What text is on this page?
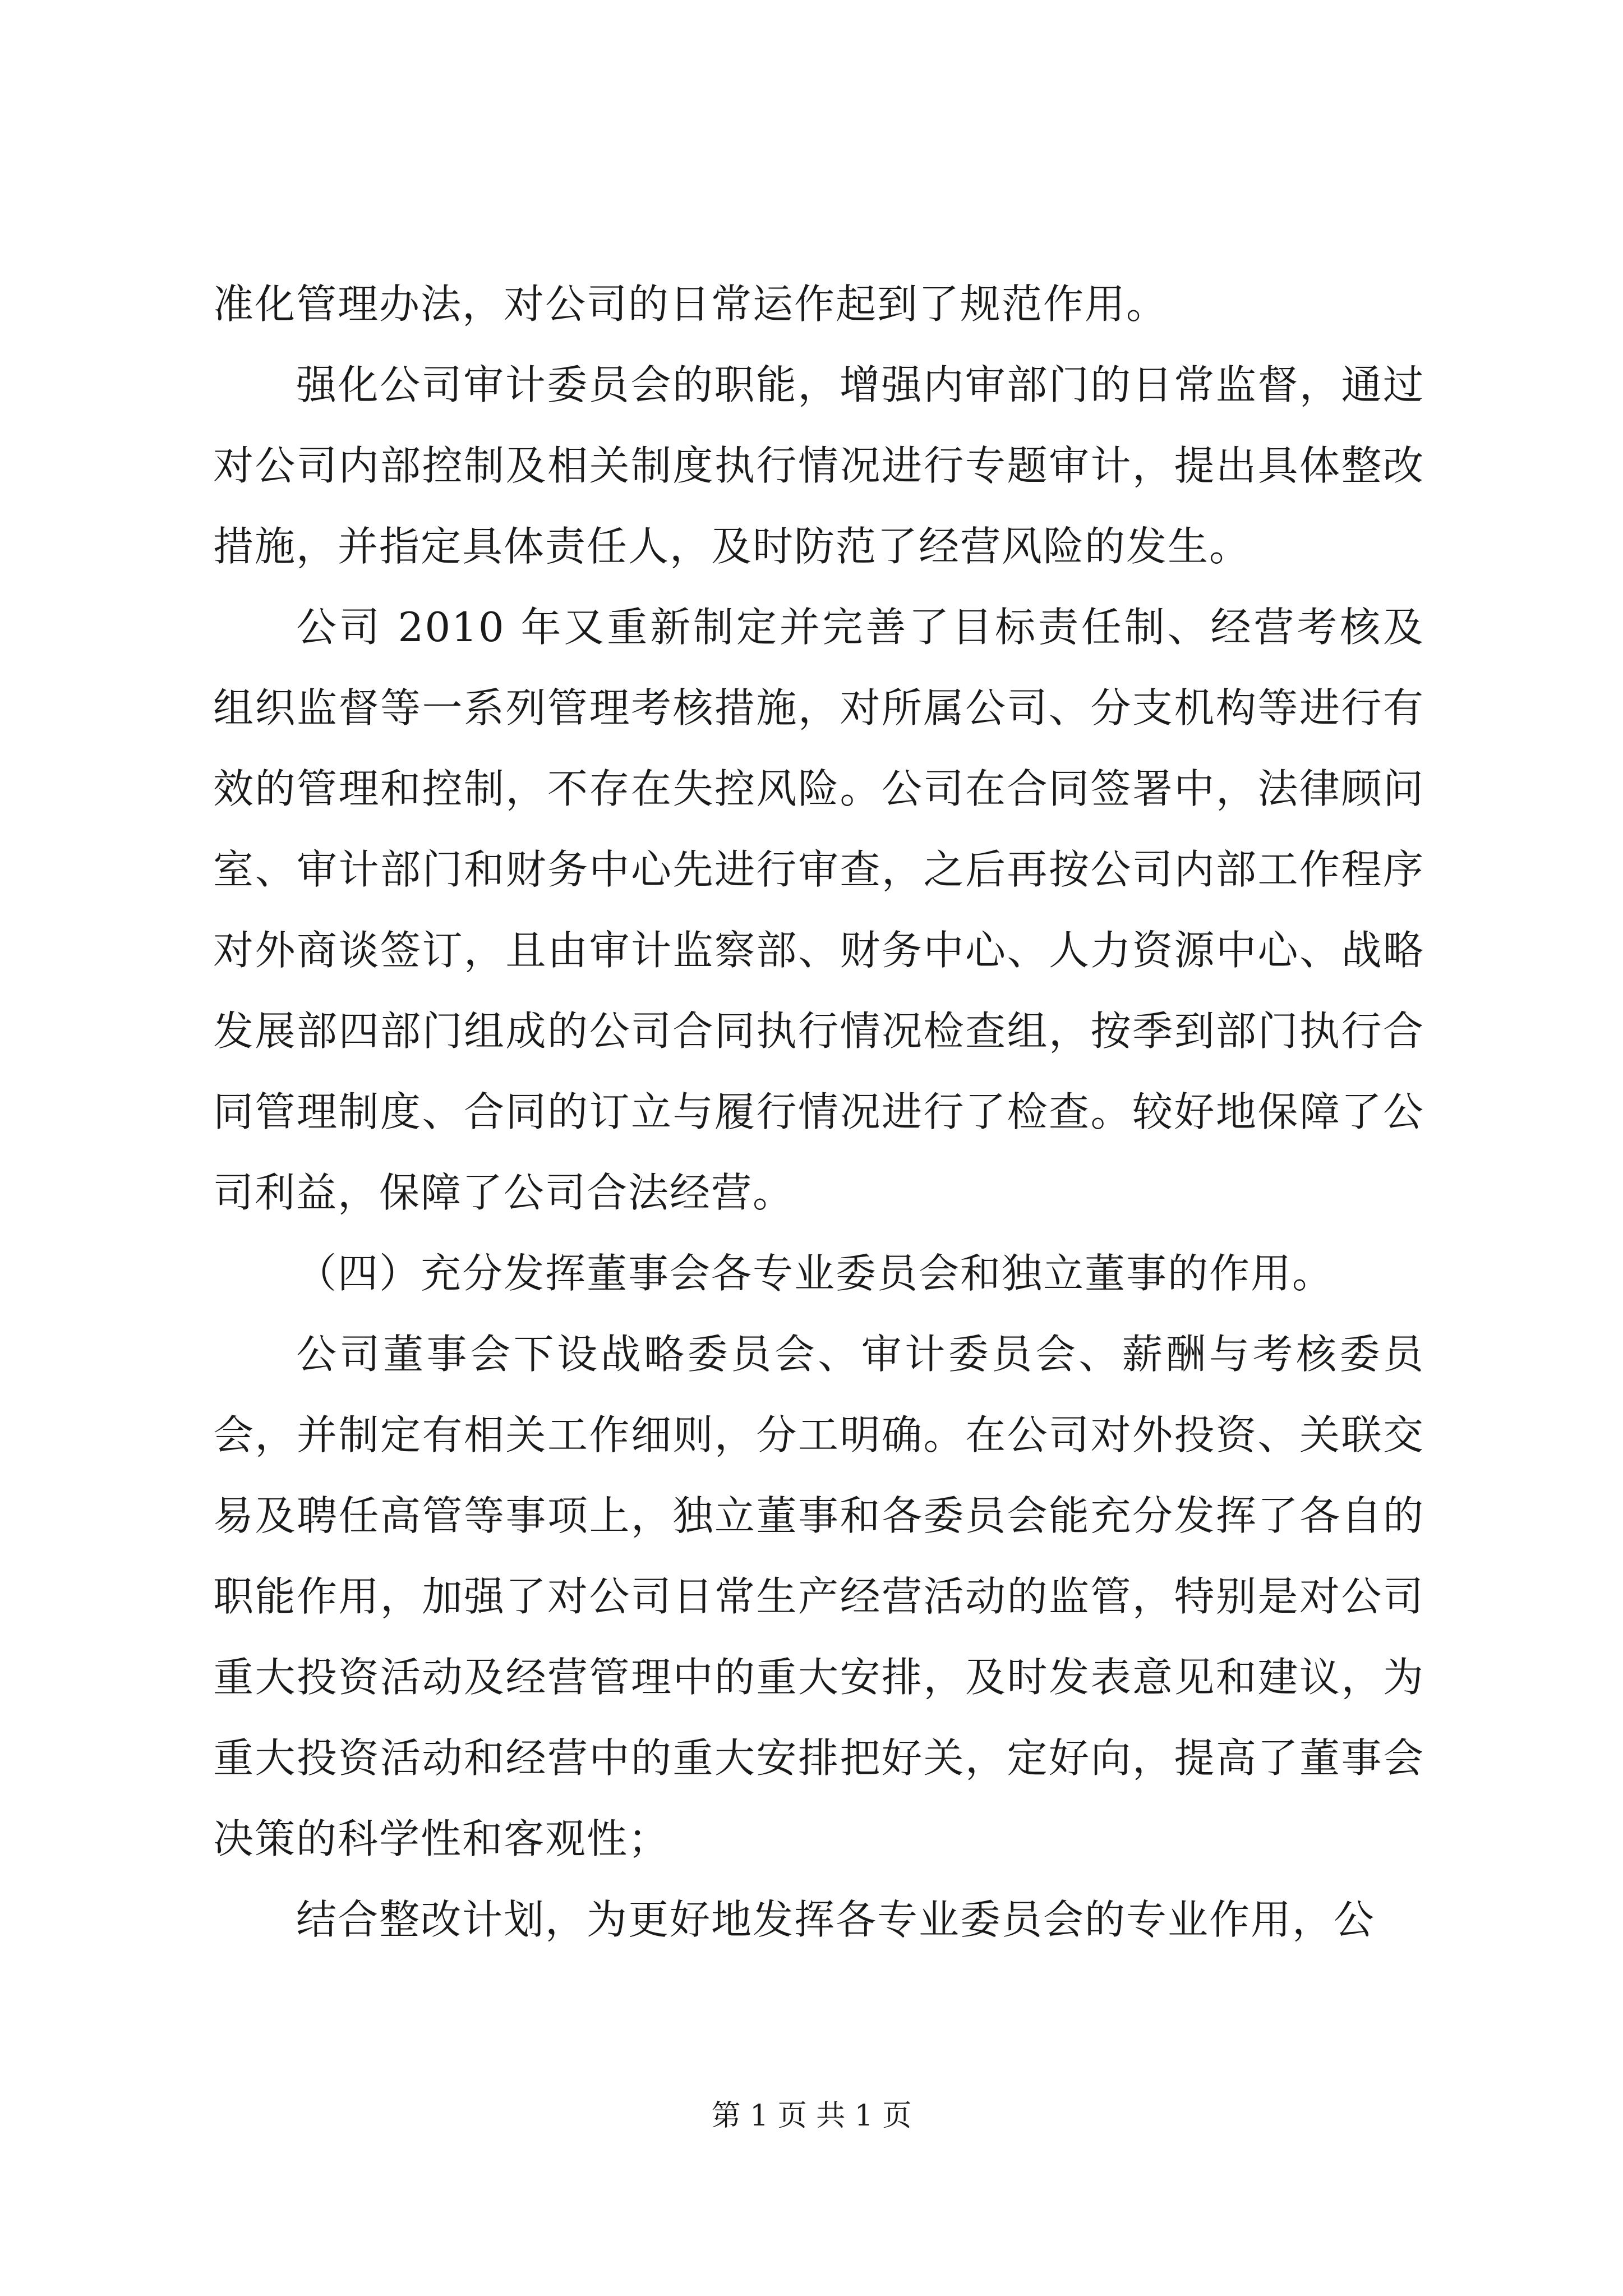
准化管理办法，对公司的日常运作起到了规范作用。

强化公司审计委员会的职能，增强内审部门的日常监督，通过对公司内部控制及相关制度执行情况进行专题审计，提出具体整改措施，并指定具体责任人，及时防范了经营风险的发生。

公司 2010 年又重新制定并完善了目标责任制、经营考核及组织监督等一系列管理考核措施，对所属公司、分支机构等进行有效的管理和控制，不存在失控风险。公司在合同签署中，法律顾问室、审计部门和财务中心先进行审查，之后再按公司内部工作程序对外商谈签订，且由审计监察部、财务中心、人力资源中心、战略发展部四部门组成的公司合同执行情况检查组，按季到部门执行合同管理制度、合同的订立与履行情况进行了检查。较好地保障了公司利益，保障了公司合法经营。

（四）充分发挥董事会各专业委员会和独立董事的作用。

公司董事会下设战略委员会、审计委员会、薪酬与考核委员会，并制定有相关工作细则，分工明确。在公司对外投资、关联交易及聘任高管等事项上，独立董事和各委员会能充分发挥了各自的职能作用，加强了对公司日常生产经营活动的监管，特别是对公司重大投资活动及经营管理中的重大安排，及时发表意见和建议，为重大投资活动和经营中的重大安排把好关，定好向，提高了董事会决策的科学性和客观性；

结合整改计划，为更好地发挥各专业委员会的专业作用，公

第 1 页 共 1 页
